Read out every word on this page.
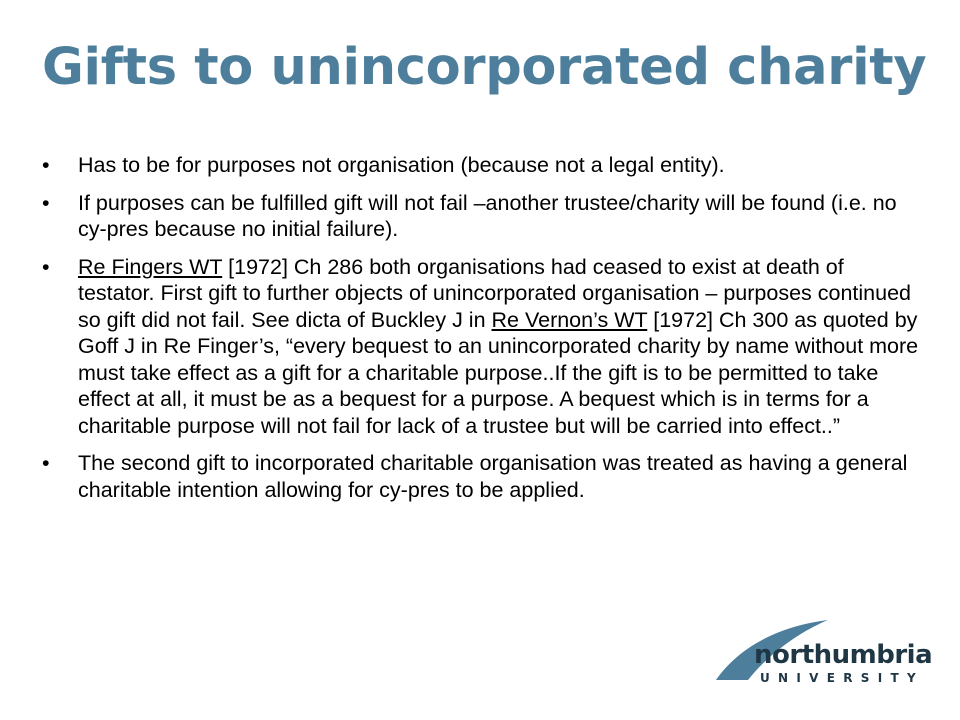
Gifts to unincorporated charity
• Has to be for purposes not organisation (because not a legal entity).
• If purposes can be fulfilled gift will not fail –another trustee/charity will be found (i.e. no cy-pres because no initial failure).
• Re Fingers WT [1972] Ch 286 both organisations had ceased to exist at death of testator. First gift to further objects of unincorporated organisation – purposes continued so gift did not fail. See dicta of Buckley J in Re Vernon’s WT [1972] Ch 300 as quoted by Goff J in Re Finger’s, “every bequest to an unincorporated charity by name without more must take effect as a gift for a charitable purpose..If the gift is to be permitted to take effect at all, it must be as a bequest for a purpose. A bequest which is in terms for a charitable purpose will not fail for lack of a trustee but will be carried into effect..”
• The second gift to incorporated charitable organisation was treated as having a general charitable intention allowing for cy-pres to be applied.
northumbria
UNIVERSITY
